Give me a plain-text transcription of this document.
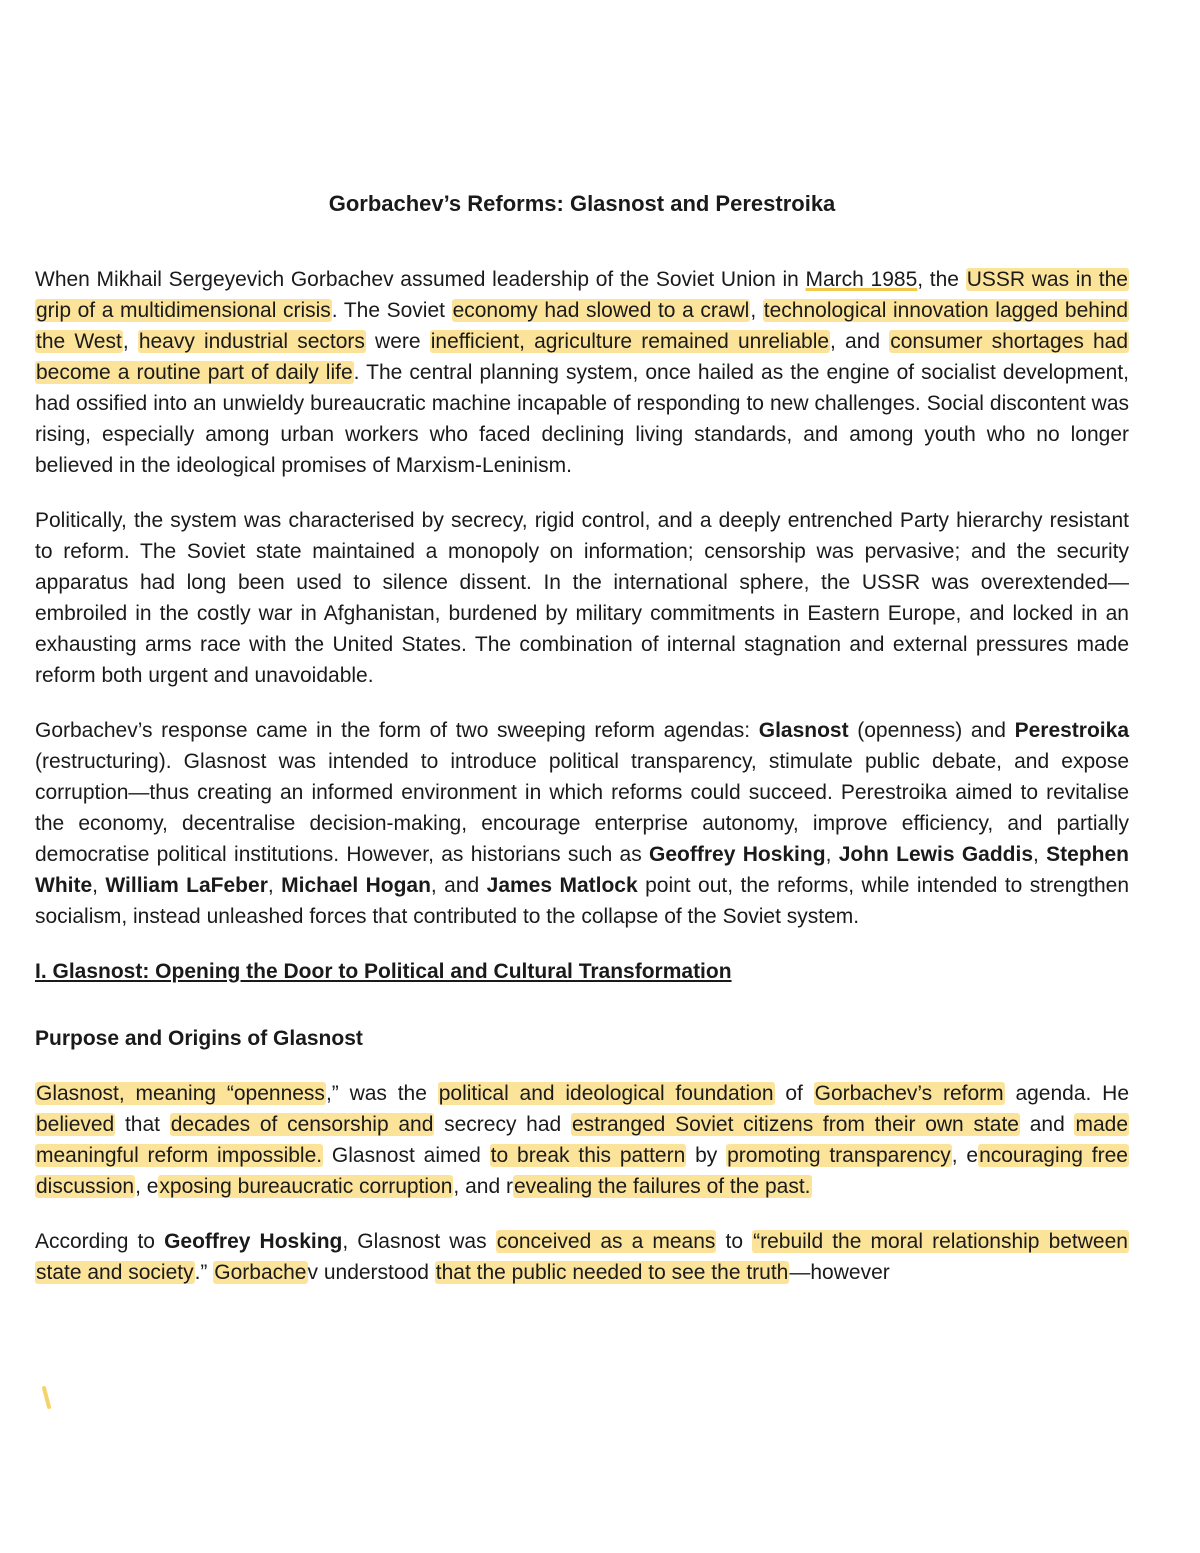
Gorbachev’s Reforms: Glasnost and Perestroika

When Mikhail Sergeyevich Gorbachev assumed leadership of the Soviet Union in March 1985, the USSR was in the grip of a multidimensional crisis. The Soviet economy had slowed to a crawl, technological innovation lagged behind the West, heavy industrial sectors were inefficient, agriculture remained unreliable, and consumer shortages had become a routine part of daily life. The central planning system, once hailed as the engine of socialist development, had ossified into an unwieldy bureaucratic machine incapable of responding to new challenges. Social discontent was rising, especially among urban workers who faced declining living standards, and among youth who no longer believed in the ideological promises of Marxism-Leninism.

Politically, the system was characterised by secrecy, rigid control, and a deeply entrenched Party hierarchy resistant to reform. The Soviet state maintained a monopoly on information; censorship was pervasive; and the security apparatus had long been used to silence dissent. In the international sphere, the USSR was overextended—embroiled in the costly war in Afghanistan, burdened by military commitments in Eastern Europe, and locked in an exhausting arms race with the United States. The combination of internal stagnation and external pressures made reform both urgent and unavoidable.

Gorbachev’s response came in the form of two sweeping reform agendas: Glasnost (openness) and Perestroika (restructuring). Glasnost was intended to introduce political transparency, stimulate public debate, and expose corruption—thus creating an informed environment in which reforms could succeed. Perestroika aimed to revitalise the economy, decentralise decision-making, encourage enterprise autonomy, improve efficiency, and partially democratise political institutions. However, as historians such as Geoffrey Hosking, John Lewis Gaddis, Stephen White, William LaFeber, Michael Hogan, and James Matlock point out, the reforms, while intended to strengthen socialism, instead unleashed forces that contributed to the collapse of the Soviet system.

I. Glasnost: Opening the Door to Political and Cultural Transformation
Purpose and Origins of Glasnost

Glasnost, meaning “openness,” was the political and ideological foundation of Gorbachev’s reform agenda. He believed that decades of censorship and secrecy had estranged Soviet citizens from their own state and made meaningful reform impossible. Glasnost aimed to break this pattern by promoting transparency, encouraging free discussion, exposing bureaucratic corruption, and revealing the failures of the past.

According to Geoffrey Hosking, Glasnost was conceived as a means to “rebuild the moral relationship between state and society.” Gorbachev understood that the public needed to see the truth—however
